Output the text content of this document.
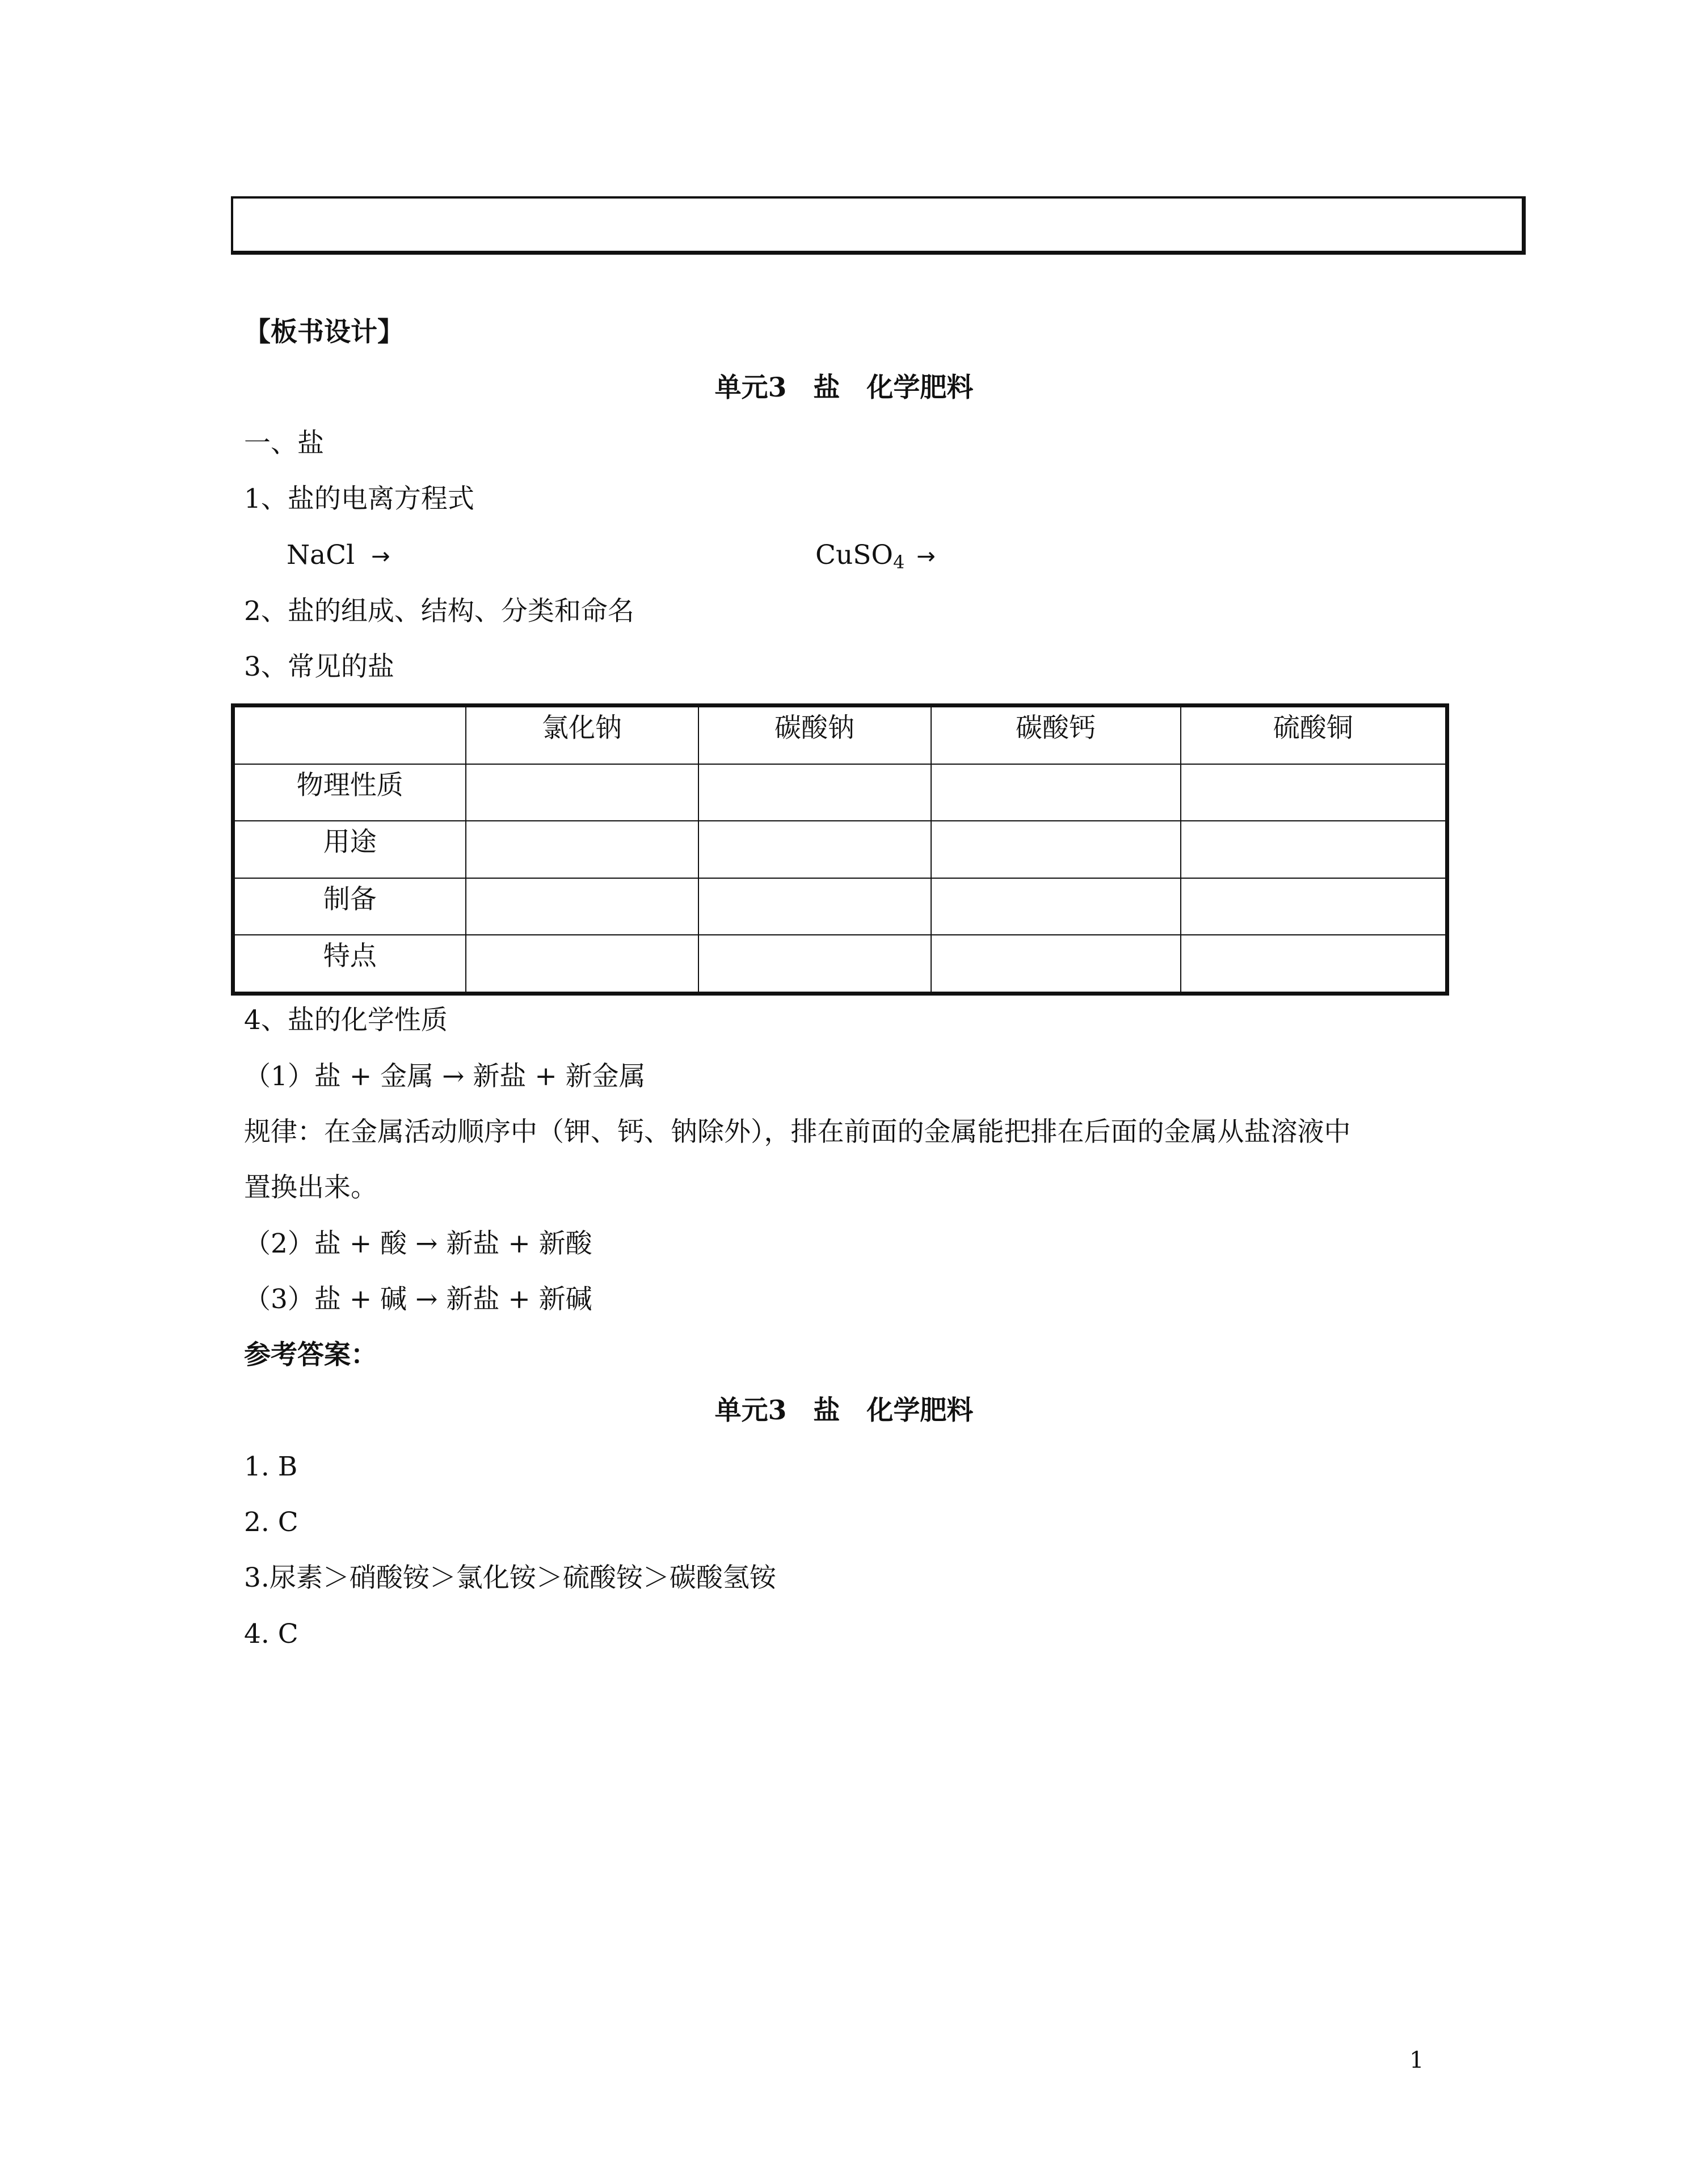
【板书设计】
单元3　盐　化学肥料
一、盐
1、盐的电离方程式
NaCl →	CuSO$_4$ →
2、盐的组成、结构、分类和命名
3、常见的盐
	氯化钠	碳酸钠	碳酸钙	硫酸铜
物理性质				
用途				
制备				
特点				
4、盐的化学性质
（1）盐 + 金属 → 新盐 + 新金属
规律：在金属活动顺序中（钾、钙、钠除外），排在前面的金属能把排在后面的金属从盐溶液中
置换出来。
（2）盐 + 酸 → 新盐 + 新酸
（3）盐 + 碱 → 新盐 + 新碱
参考答案：
单元3　盐　化学肥料
1. B
2. C
3.尿素＞硝酸铵＞氯化铵＞硫酸铵＞碳酸氢铵
4. C
1
